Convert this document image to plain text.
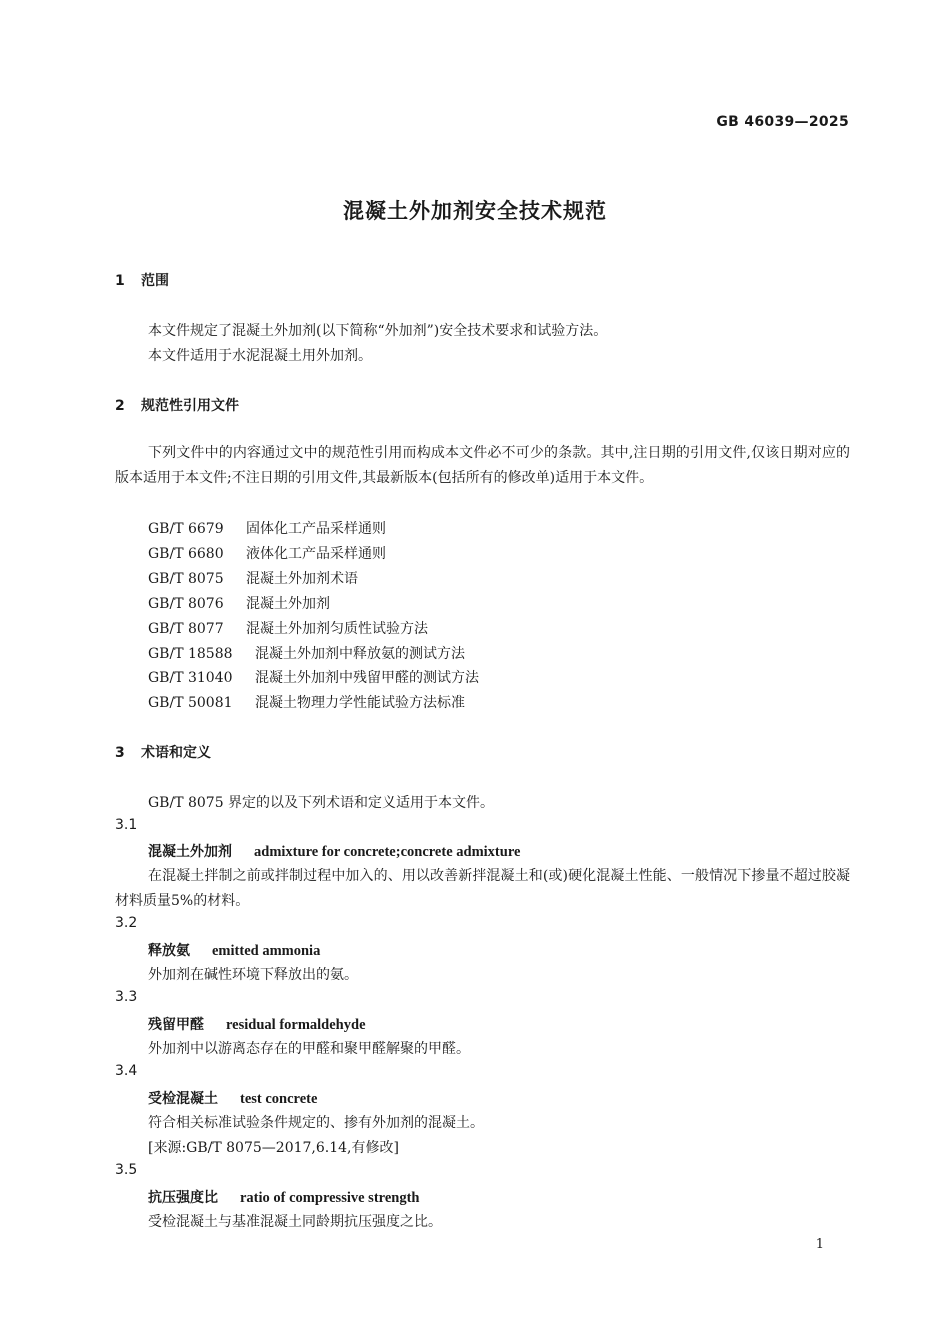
GB 46039—2025
混凝土外加剂安全技术规范
1 范围
本文件规定了混凝土外加剂(以下简称“外加剂”)安全技术要求和试验方法。
本文件适用于水泥混凝土用外加剂。
2 规范性引用文件
下列文件中的内容通过文中的规范性引用而构成本文件必不可少的条款。其中,注日期的引用文件,仅该日期对应的版本适用于本文件;不注日期的引用文件,其最新版本(包括所有的修改单)适用于本文件。
GB/T 6679 固体化工产品采样通则
GB/T 6680 液体化工产品采样通则
GB/T 8075 混凝土外加剂术语
GB/T 8076 混凝土外加剂
GB/T 8077 混凝土外加剂匀质性试验方法
GB/T 18588 混凝土外加剂中释放氨的测试方法
GB/T 31040 混凝土外加剂中残留甲醛的测试方法
GB/T 50081 混凝土物理力学性能试验方法标准
3 术语和定义
GB/T 8075 界定的以及下列术语和定义适用于本文件。
3.1
混凝土外加剂 admixture for concrete;concrete admixture
在混凝土拌制之前或拌制过程中加入的、用以改善新拌混凝土和(或)硬化混凝土性能、一般情况下掺量不超过胶凝材料质量5%的材料。
3.2
释放氨 emitted ammonia
外加剂在碱性环境下释放出的氨。
3.3
残留甲醛 residual formaldehyde
外加剂中以游离态存在的甲醛和聚甲醛解聚的甲醛。
3.4
受检混凝土 test concrete
符合相关标准试验条件规定的、掺有外加剂的混凝土。
[来源:GB/T 8075—2017,6.14,有修改]
3.5
抗压强度比 ratio of compressive strength
受检混凝土与基准混凝土同龄期抗压强度之比。
1
